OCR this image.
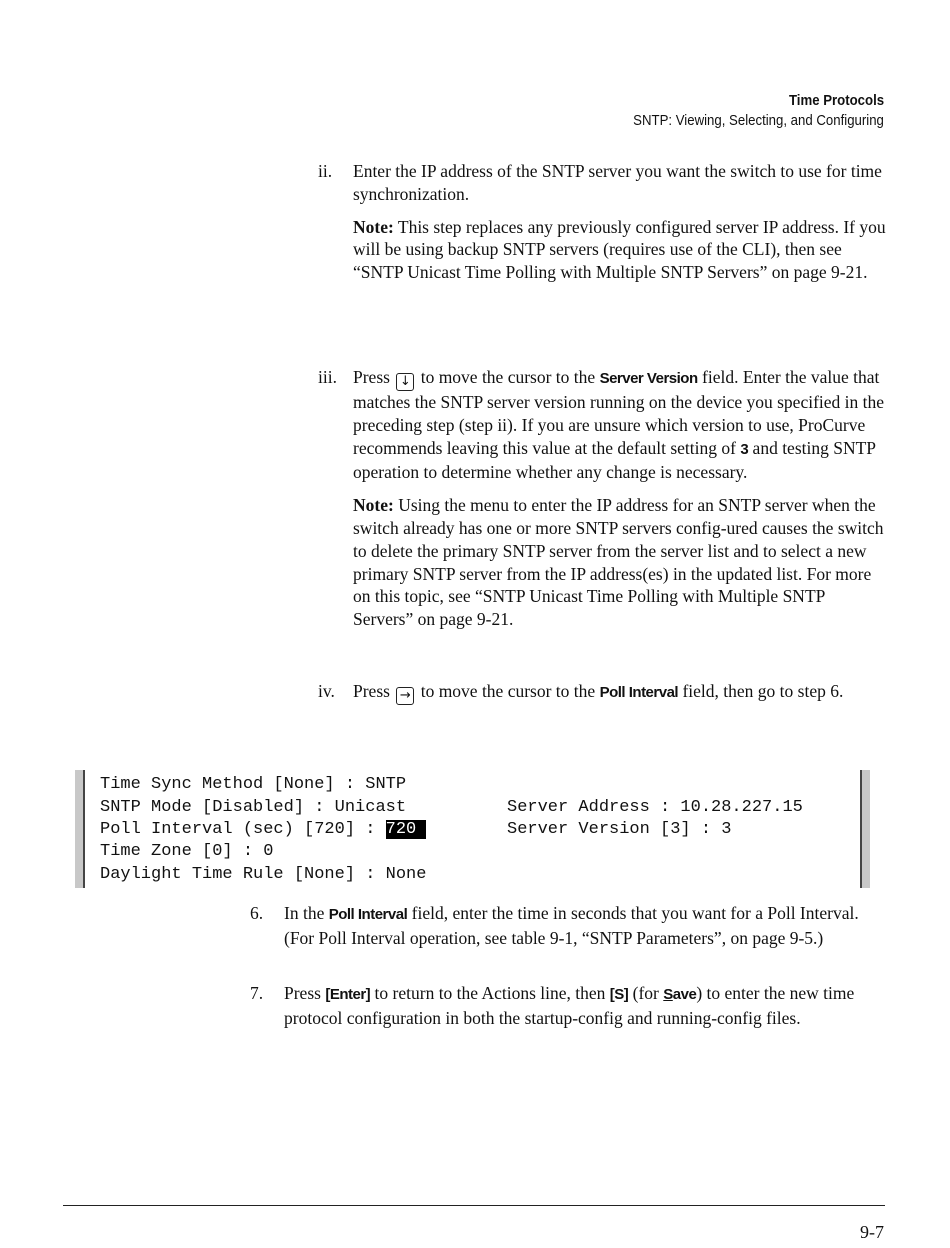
Time Protocols
SNTP: Viewing, Selecting, and Configuring
ii. Enter the IP address of the SNTP server you want the switch to use for time synchronization.

Note: This step replaces any previously configured server IP address. If you
will be using backup SNTP servers (requires use of the CLI), then see
“SNTP Unicast Time Polling with Multiple SNTP Servers” on page 9-21.

iii. Press ↓ to move the cursor to the Server Version field. Enter the value that matches the SNTP server version running on the device you specified in the preceding step (step ii). If you are unsure which version to use, ProCurve recommends leaving this value at the default setting of 3 and testing SNTP operation to determine whether any change is necessary.

Note: Using the menu to enter the IP address for an SNTP server when the switch already has one or more SNTP servers config-ured causes the switch to delete the primary SNTP server from the server list and to select a new primary SNTP server from the IP address(es) in the updated list. For more on this topic, see “SNTP Unicast Time Polling with Multiple SNTP Servers” on page 9-21.

iv. Press → to move the cursor to the Poll Interval field, then go to step 6.

Time Sync Method [None] : SNTP
SNTP Mode [Disabled] : Unicast	Server Address : 10.28.227.15
Poll Interval (sec) [720] : 720	Server Version [3] : 3
Time Zone [0] : 0
Daylight Time Rule [None] : None
6. In the Poll Interval field, enter the time in seconds that you want for a Poll Interval. (For Poll Interval operation, see table 9-1, “SNTP Parameters”, on page 9-5.)

7. Press [Enter] to return to the Actions line, then [S] (for Save) to enter the new time protocol configuration in both the startup-config and running-config files.

9-7
